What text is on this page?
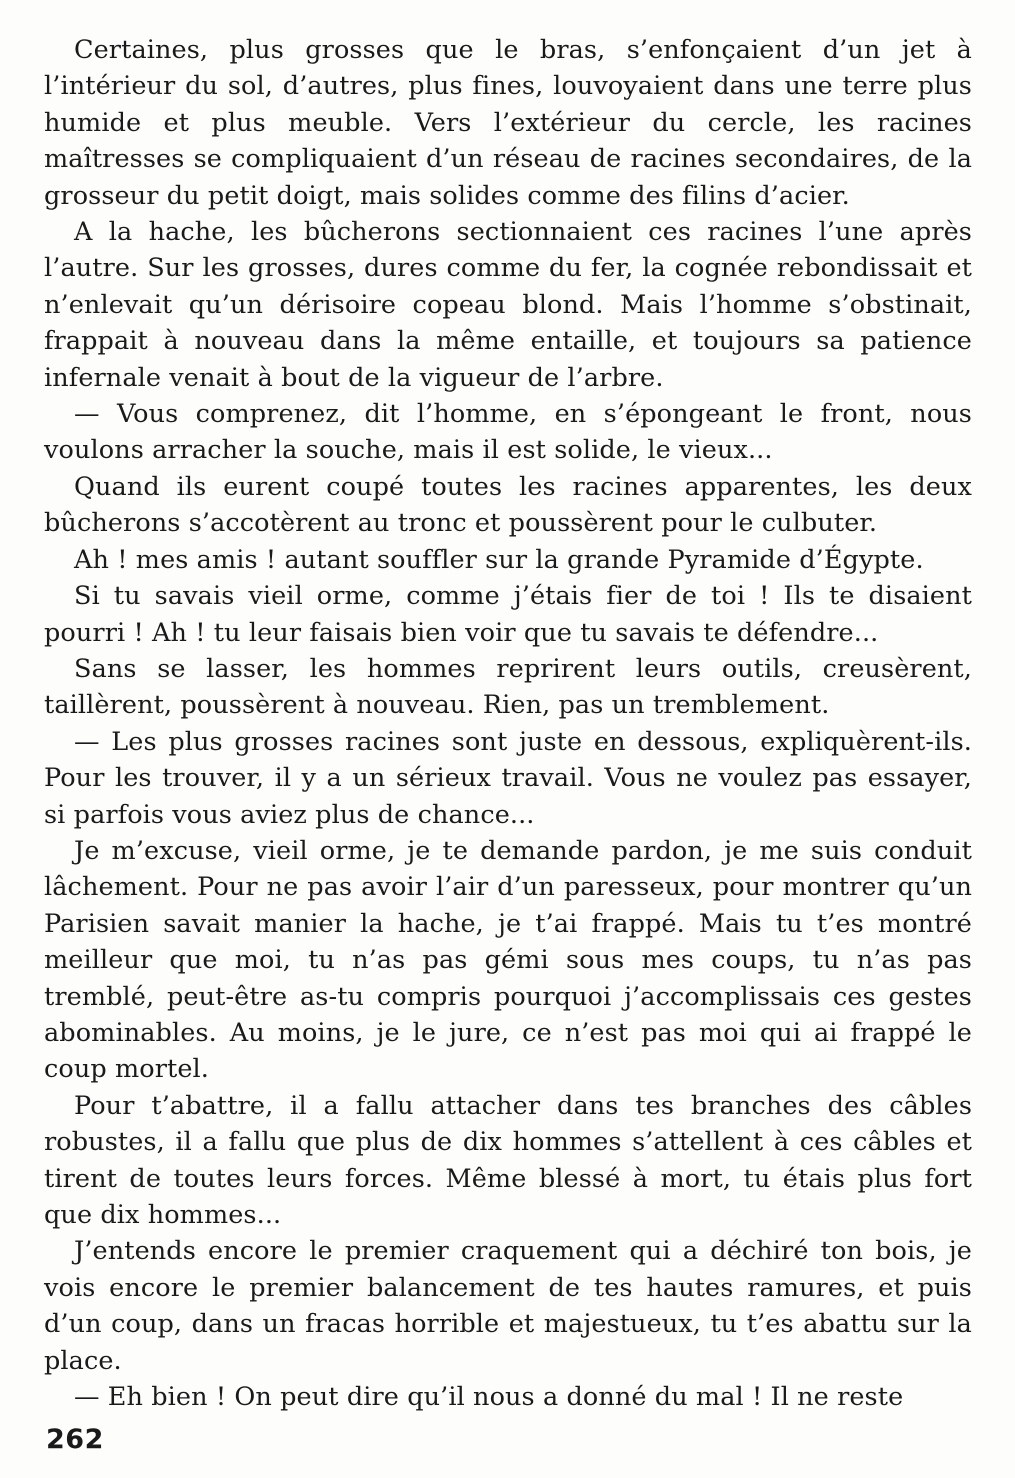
Certaines, plus grosses que le bras, s’enfonçaient d’un jet à l’intérieur du sol, d’autres, plus fines, louvoyaient dans une terre plus humide et plus meuble. Vers l’extérieur du cercle, les racines maîtresses se compliquaient d’un réseau de racines secondaires, de la grosseur du petit doigt, mais solides comme des filins d’acier.

A la hache, les bûcherons sectionnaient ces racines l’une après l’autre. Sur les grosses, dures comme du fer, la cognée rebondissait et n’enlevait qu’un dérisoire copeau blond. Mais l’homme s’obstinait, frappait à nouveau dans la même entaille, et toujours sa patience infernale venait à bout de la vigueur de l’arbre.

— Vous comprenez, dit l’homme, en s’épongeant le front, nous voulons arracher la souche, mais il est solide, le vieux...

Quand ils eurent coupé toutes les racines apparentes, les deux bûcherons s’accotèrent au tronc et poussèrent pour le culbuter.

Ah ! mes amis ! autant souffler sur la grande Pyramide d’Égypte.

Si tu savais vieil orme, comme j’étais fier de toi ! Ils te disaient pourri ! Ah ! tu leur faisais bien voir que tu savais te défendre...

Sans se lasser, les hommes reprirent leurs outils, creusèrent, taillèrent, poussèrent à nouveau. Rien, pas un tremblement.

— Les plus grosses racines sont juste en dessous, expliquèrent-ils. Pour les trouver, il y a un sérieux travail. Vous ne voulez pas essayer, si parfois vous aviez plus de chance...

Je m’excuse, vieil orme, je te demande pardon, je me suis conduit lâchement. Pour ne pas avoir l’air d’un paresseux, pour montrer qu’un Parisien savait manier la hache, je t’ai frappé. Mais tu t’es montré meilleur que moi, tu n’as pas gémi sous mes coups, tu n’as pas tremblé, peut-être as-tu compris pourquoi j’accomplissais ces gestes abominables. Au moins, je le jure, ce n’est pas moi qui ai frappé le coup mortel.

Pour t’abattre, il a fallu attacher dans tes branches des câbles robustes, il a fallu que plus de dix hommes s’attellent à ces câbles et tirent de toutes leurs forces. Même blessé à mort, tu étais plus fort que dix hommes...

J’entends encore le premier craquement qui a déchiré ton bois, je vois encore le premier balancement de tes hautes ramures, et puis d’un coup, dans un fracas horrible et majestueux, tu t’es abattu sur la place.

— Eh bien ! On peut dire qu’il nous a donné du mal ! Il ne reste

262
